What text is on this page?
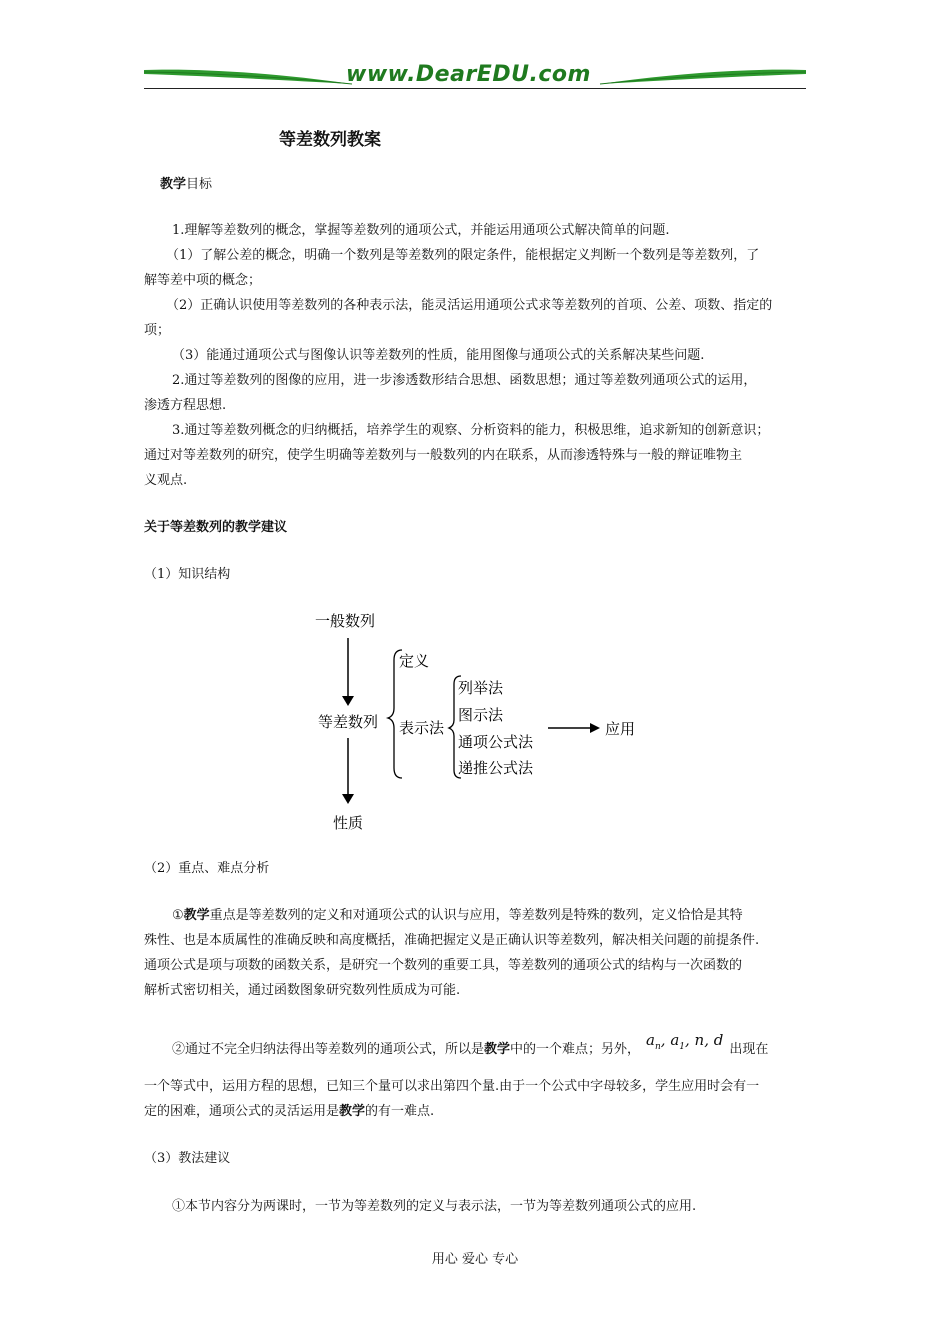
www.DearEDU.com
等差数列教案
教学目标
1.理解等差数列的概念，掌握等差数列的通项公式，并能运用通项公式解决简单的问题.
（1）了解公差的概念，明确一个数列是等差数列的限定条件，能根据定义判断一个数列是等差数列，了
解等差中项的概念；
（2）正确认识使用等差数列的各种表示法，能灵活运用通项公式求等差数列的首项、公差、项数、指定的
项；
（3）能通过通项公式与图像认识等差数列的性质，能用图像与通项公式的关系解决某些问题.
2.通过等差数列的图像的应用，进一步渗透数形结合思想、函数思想；通过等差数列通项公式的运用，
渗透方程思想.
3.通过等差数列概念的归纳概括，培养学生的观察、分析资料的能力，积极思维，追求新知的创新意识；
通过对等差数列的研究，使学生明确等差数列与一般数列的内在联系，从而渗透特殊与一般的辩证唯物主
义观点.
关于等差数列的教学建议
（1）知识结构
一般数列
等差数列
性质
定义
表示法
列举法
图示法
通项公式法
递推公式法
应用
（2）重点、难点分析
①教学重点是等差数列的定义和对通项公式的认识与应用，等差数列是特殊的数列，定义恰恰是其特
殊性、也是本质属性的准确反映和高度概括，准确把握定义是正确认识等差数列，解决相关问题的前提条件.
通项公式是项与项数的函数关系，是研究一个数列的重要工具，等差数列的通项公式的结构与一次函数的
解析式密切相关，通过函数图象研究数列性质成为可能.
②通过不完全归纳法得出等差数列的通项公式，所以是教学中的一个难点；另外，$a_n$, $a_1$, n, d出现在
一个等式中，运用方程的思想，已知三个量可以求出第四个量.由于一个公式中字母较多，学生应用时会有一
定的困难，通项公式的灵活运用是教学的有一难点.
（3）教法建议
①本节内容分为两课时，一节为等差数列的定义与表示法，一节为等差数列通项公式的应用.
用心 爱心 专心
